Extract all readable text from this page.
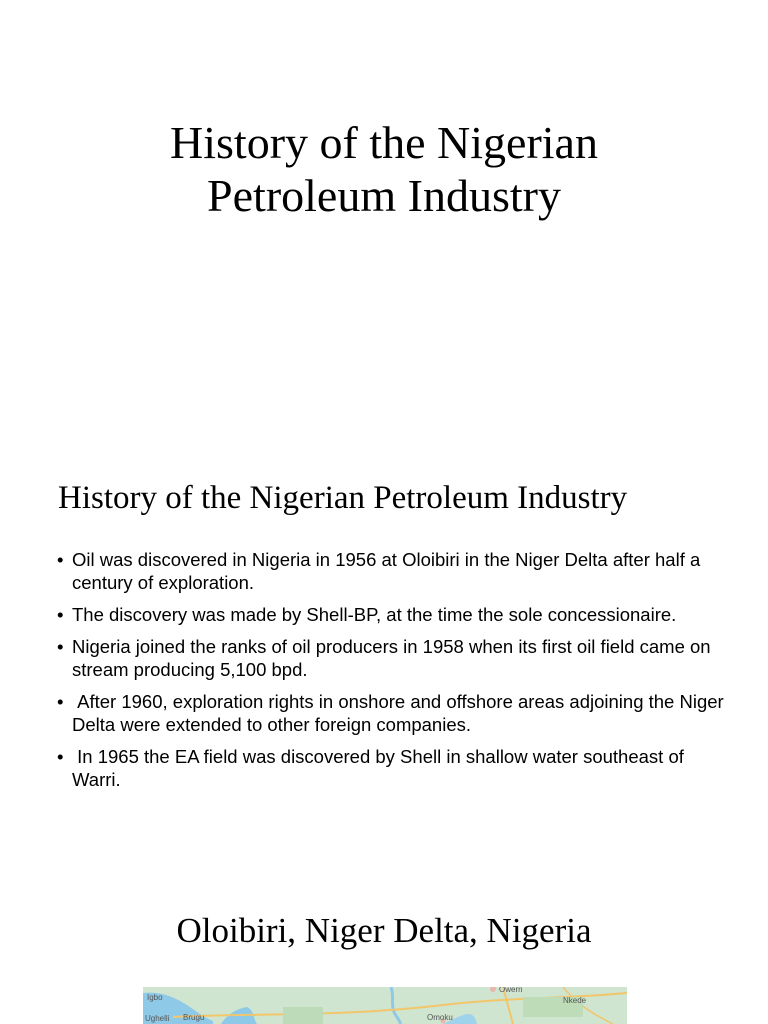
History of the Nigerian
Petroleum Industry
History of the Nigerian Petroleum Industry
• Oil was discovered in Nigeria in 1956 at Oloibiri in the Niger Delta after half a century of exploration.
• The discovery was made by Shell-BP, at the time the sole concessionaire.
• Nigeria joined the ranks of oil producers in 1958 when its first oil field came on stream producing 5,100 bpd.
• After 1960, exploration rights in onshore and offshore areas adjoining the Niger Delta were extended to other foreign companies.
• In 1965 the EA field was discovered by Shell in shallow water southeast of Warri.
Oloibiri, Niger Delta, Nigeria
Igbo
Owerri
Nkede
Omoku
Brugu
Ughelli
